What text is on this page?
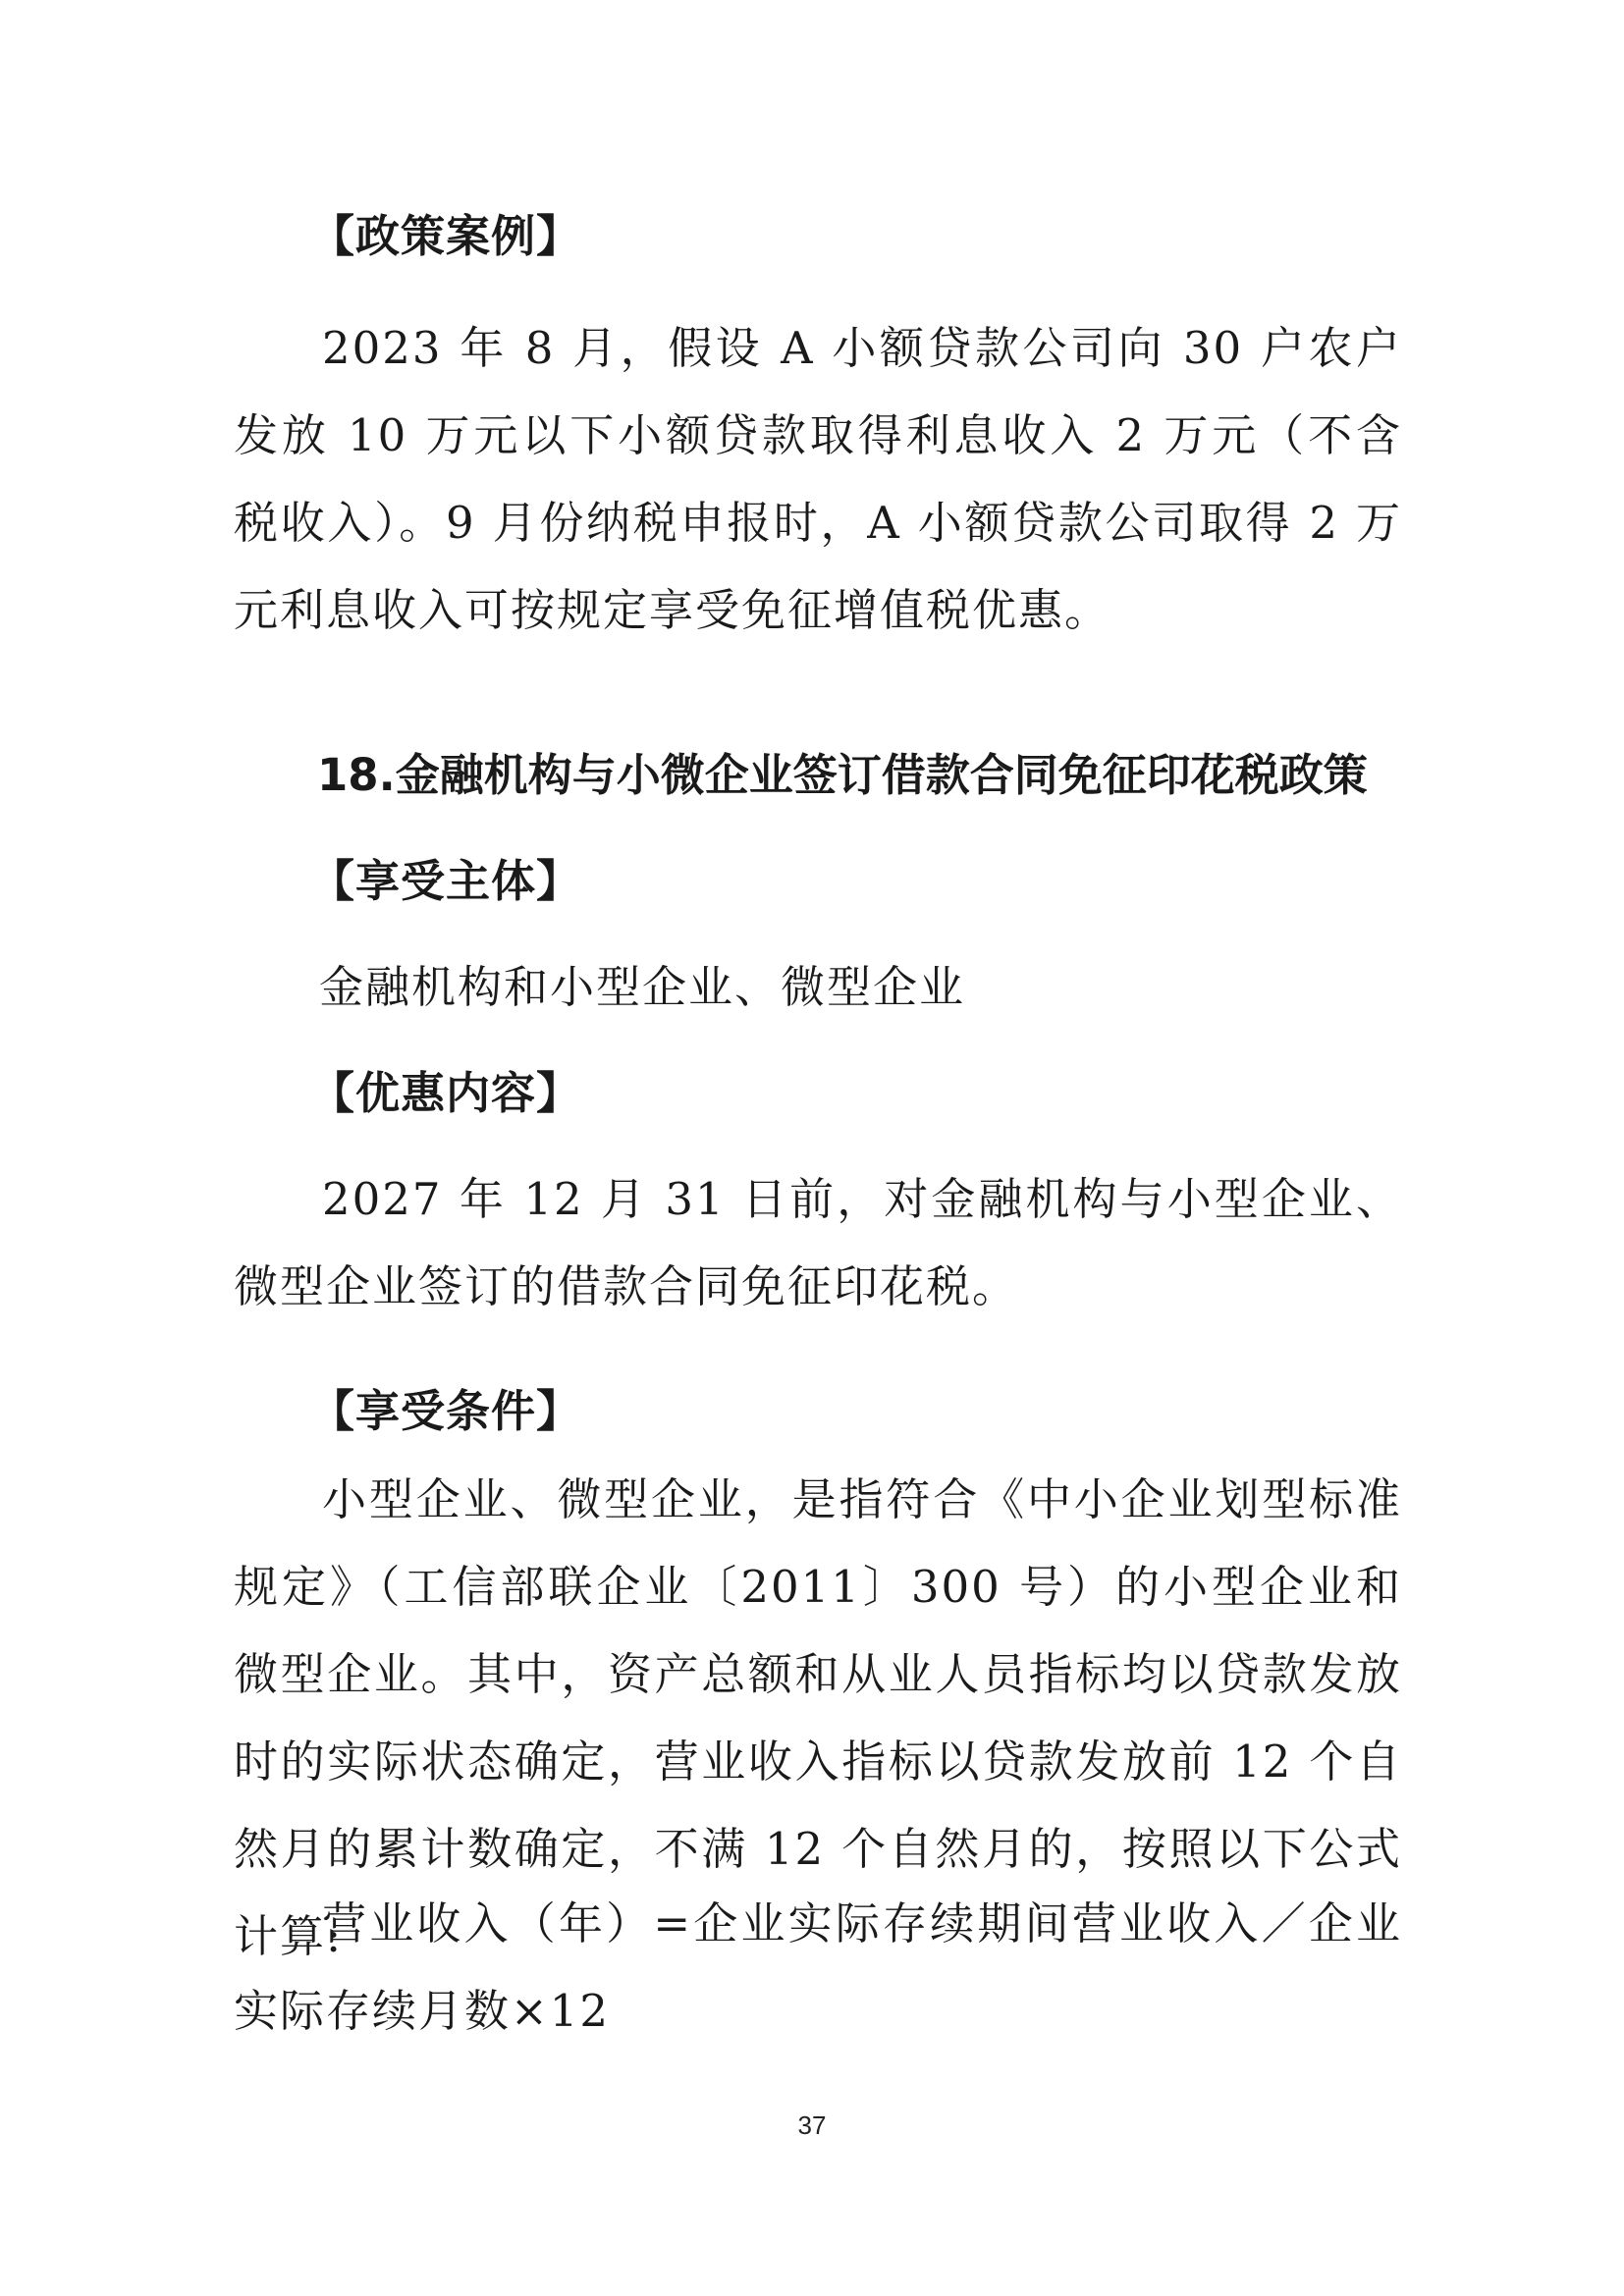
【政策案例】

2023 年 8 月，假设 A 小额贷款公司向 30 户农户发放 10 万元以下小额贷款取得利息收入 2 万元（不含税收入）。9 月份纳税申报时，A 小额贷款公司取得 2 万元利息收入可按规定享受免征增值税优惠。

18.金融机构与小微企业签订借款合同免征印花税政策

【享受主体】

金融机构和小型企业、微型企业

【优惠内容】

2027 年 12 月 31 日前，对金融机构与小型企业、微型企业签订的借款合同免征印花税。

【享受条件】

小型企业、微型企业，是指符合《中小企业划型标准规定》（工信部联企业〔2011〕300 号）的小型企业和微型企业。其中，资产总额和从业人员指标均以贷款发放时的实际状态确定，营业收入指标以贷款发放前 12 个自然月的累计数确定，不满 12 个自然月的，按照以下公式计算:

营业收入（年）=企业实际存续期间营业收入／企业实际存续月数×12

37
